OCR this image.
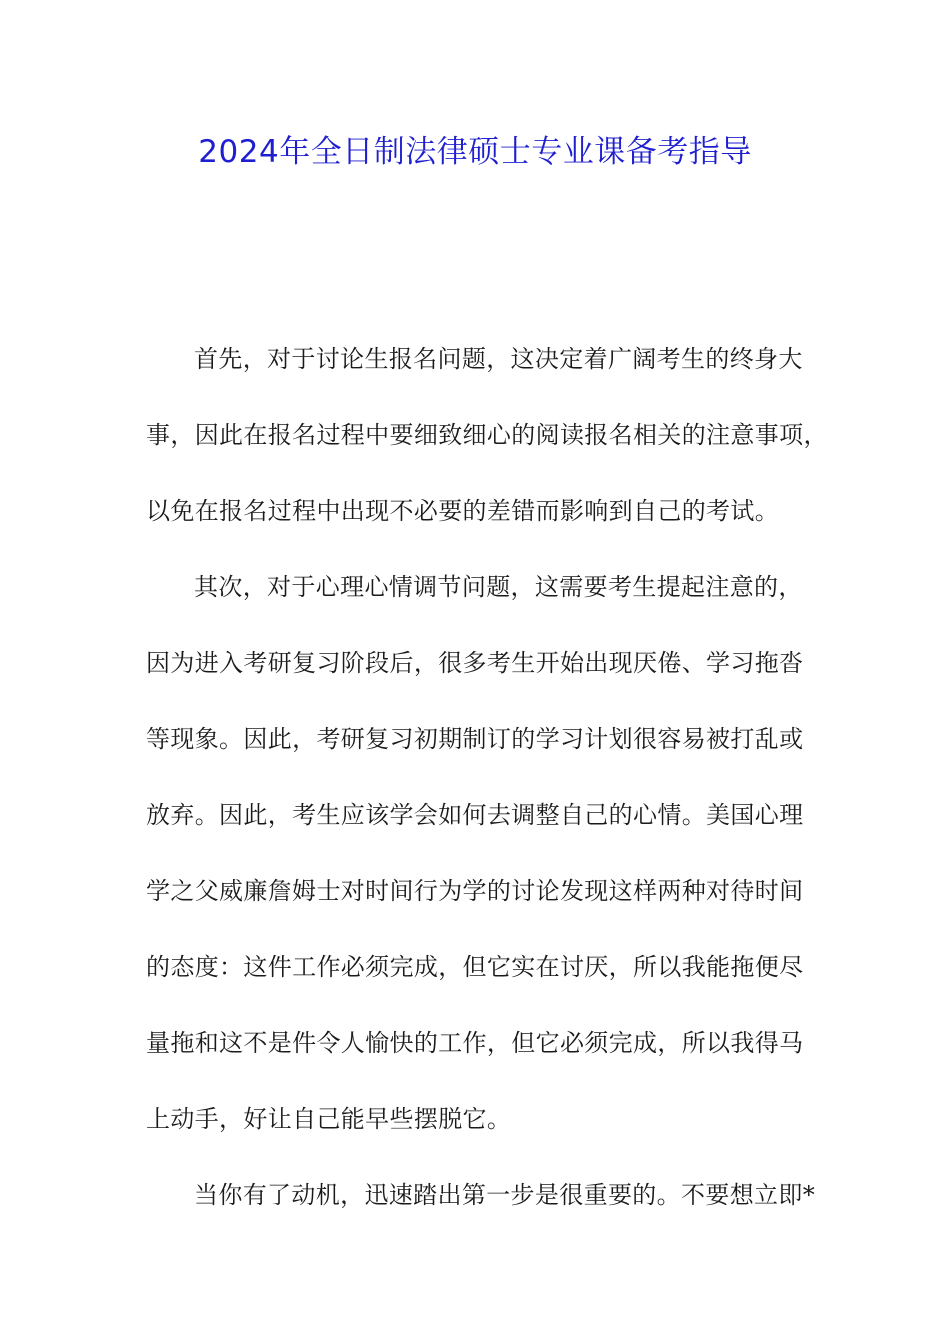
2024年全日制法律硕士专业课备考指导
首先，对于讨论生报名问题，这决定着广阔考生的终身大
事，因此在报名过程中要细致细心的阅读报名相关的注意事项，
以免在报名过程中出现不必要的差错而影响到自己的考试。
其次，对于心理心情调节问题，这需要考生提起注意的，
因为进入考研复习阶段后，很多考生开始出现厌倦、学习拖沓
等现象。因此，考研复习初期制订的学习计划很容易被打乱或
放弃。因此，考生应该学会如何去调整自己的心情。美国心理
学之父威廉詹姆士对时间行为学的讨论发现这样两种对待时间
的态度：这件工作必须完成，但它实在讨厌，所以我能拖便尽
量拖和这不是件令人愉快的工作，但它必须完成，所以我得马
上动手，好让自己能早些摆脱它。
当你有了动机，迅速踏出第一步是很重要的。不要想立即*
